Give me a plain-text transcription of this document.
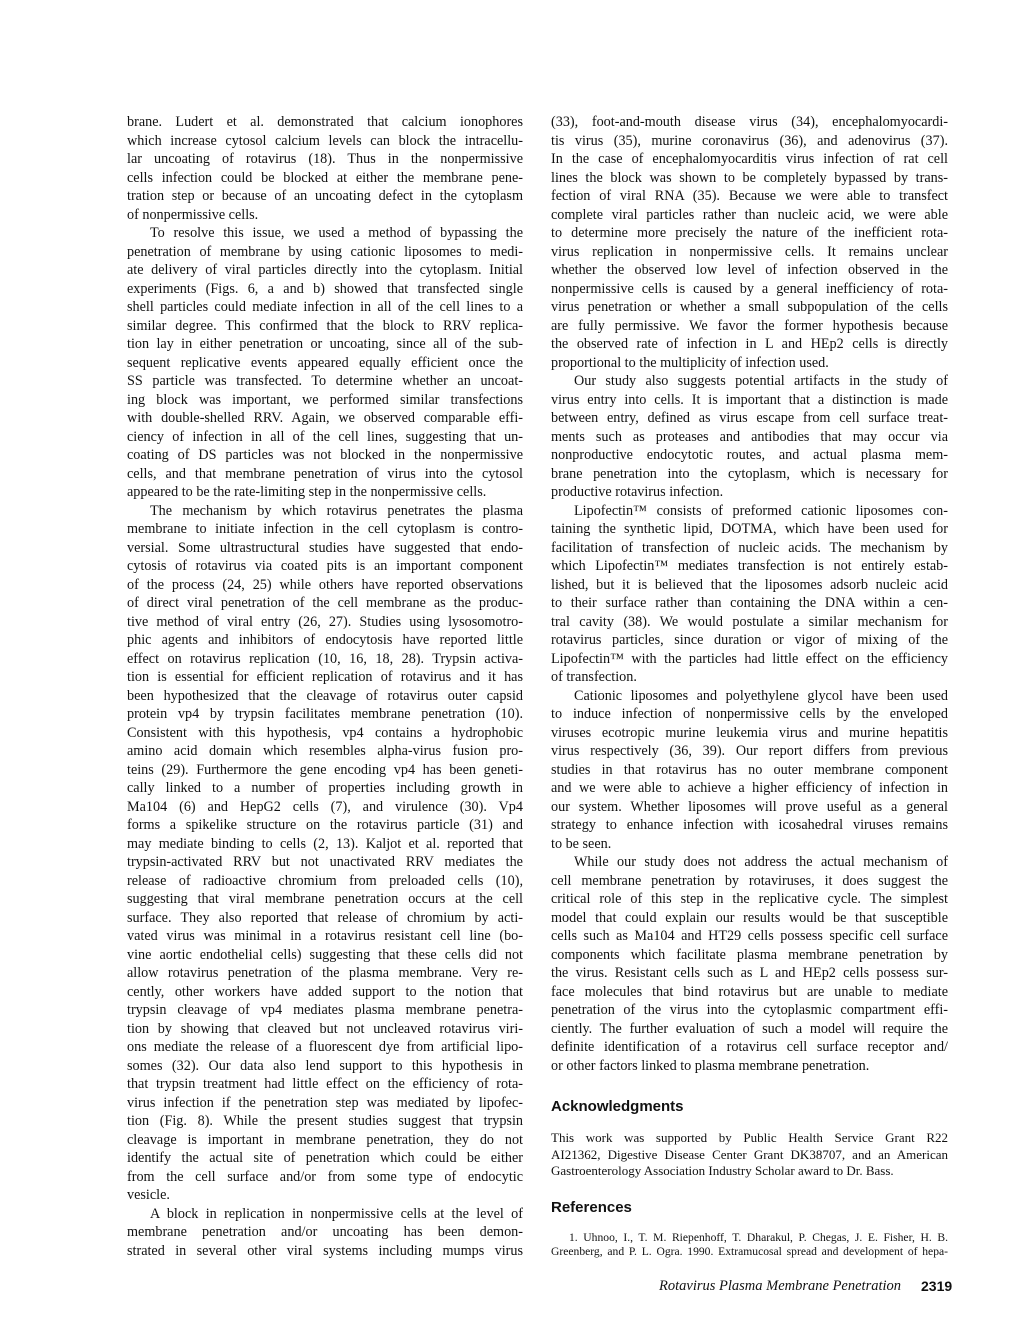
brane. Ludert et al. demonstrated that calcium ionophores
which increase cytosol calcium levels can block the intracellu-
lar uncoating of rotavirus (18). Thus in the nonpermissive
cells infection could be blocked at either the membrane pene-
tration step or because of an uncoating defect in the cytoplasm
of nonpermissive cells.
To resolve this issue, we used a method of bypassing the
penetration of membrane by using cationic liposomes to medi-
ate delivery of viral particles directly into the cytoplasm. Initial
experiments (Figs. 6, a and b) showed that transfected single
shell particles could mediate infection in all of the cell lines to a
similar degree. This confirmed that the block to RRV replica-
tion lay in either penetration or uncoating, since all of the sub-
sequent replicative events appeared equally efficient once the
SS particle was transfected. To determine whether an uncoat-
ing block was important, we performed similar transfections
with double-shelled RRV. Again, we observed comparable effi-
ciency of infection in all of the cell lines, suggesting that un-
coating of DS particles was not blocked in the nonpermissive
cells, and that membrane penetration of virus into the cytosol
appeared to be the rate-limiting step in the nonpermissive cells.
The mechanism by which rotavirus penetrates the plasma
membrane to initiate infection in the cell cytoplasm is contro-
versial. Some ultrastructural studies have suggested that endo-
cytosis of rotavirus via coated pits is an important component
of the process (24, 25) while others have reported observations
of direct viral penetration of the cell membrane as the produc-
tive method of viral entry (26, 27). Studies using lysosomotro-
phic agents and inhibitors of endocytosis have reported little
effect on rotavirus replication (10, 16, 18, 28). Trypsin activa-
tion is essential for efficient replication of rotavirus and it has
been hypothesized that the cleavage of rotavirus outer capsid
protein vp4 by trypsin facilitates membrane penetration (10).
Consistent with this hypothesis, vp4 contains a hydrophobic
amino acid domain which resembles alpha-virus fusion pro-
teins (29). Furthermore the gene encoding vp4 has been geneti-
cally linked to a number of properties including growth in
Ma104 (6) and HepG2 cells (7), and virulence (30). Vp4
forms a spikelike structure on the rotavirus particle (31) and
may mediate binding to cells (2, 13). Kaljot et al. reported that
trypsin-activated RRV but not unactivated RRV mediates the
release of radioactive chromium from preloaded cells (10),
suggesting that viral membrane penetration occurs at the cell
surface. They also reported that release of chromium by acti-
vated virus was minimal in a rotavirus resistant cell line (bo-
vine aortic endothelial cells) suggesting that these cells did not
allow rotavirus penetration of the plasma membrane. Very re-
cently, other workers have added support to the notion that
trypsin cleavage of vp4 mediates plasma membrane penetra-
tion by showing that cleaved but not uncleaved rotavirus viri-
ons mediate the release of a fluorescent dye from artificial lipo-
somes (32). Our data also lend support to this hypothesis in
that trypsin treatment had little effect on the efficiency of rota-
virus infection if the penetration step was mediated by lipofec-
tion (Fig. 8). While the present studies suggest that trypsin
cleavage is important in membrane penetration, they do not
identify the actual site of penetration which could be either
from the cell surface and/or from some type of endocytic
vesicle.
A block in replication in nonpermissive cells at the level of
membrane penetration and/or uncoating has been demon-
strated in several other viral systems including mumps virus
(33), foot-and-mouth disease virus (34), encephalomyocardi-
tis virus (35), murine coronavirus (36), and adenovirus (37).
In the case of encephalomyocarditis virus infection of rat cell
lines the block was shown to be completely bypassed by trans-
fection of viral RNA (35). Because we were able to transfect
complete viral particles rather than nucleic acid, we were able
to determine more precisely the nature of the inefficient rota-
virus replication in nonpermissive cells. It remains unclear
whether the observed low level of infection observed in the
nonpermissive cells is caused by a general inefficiency of rota-
virus penetration or whether a small subpopulation of the cells
are fully permissive. We favor the former hypothesis because
the observed rate of infection in L and HEp2 cells is directly
proportional to the multiplicity of infection used.
Our study also suggests potential artifacts in the study of
virus entry into cells. It is important that a distinction is made
between entry, defined as virus escape from cell surface treat-
ments such as proteases and antibodies that may occur via
nonproductive endocytotic routes, and actual plasma mem-
brane penetration into the cytoplasm, which is necessary for
productive rotavirus infection.
Lipofectin™ consists of preformed cationic liposomes con-
taining the synthetic lipid, DOTMA, which have been used for
facilitation of transfection of nucleic acids. The mechanism by
which Lipofectin™ mediates transfection is not entirely estab-
lished, but it is believed that the liposomes adsorb nucleic acid
to their surface rather than containing the DNA within a cen-
tral cavity (38). We would postulate a similar mechanism for
rotavirus particles, since duration or vigor of mixing of the
Lipofectin™ with the particles had little effect on the efficiency
of transfection.
Cationic liposomes and polyethylene glycol have been used
to induce infection of nonpermissive cells by the enveloped
viruses ecotropic murine leukemia virus and murine hepatitis
virus respectively (36, 39). Our report differs from previous
studies in that rotavirus has no outer membrane component
and we were able to achieve a higher efficiency of infection in
our system. Whether liposomes will prove useful as a general
strategy to enhance infection with icosahedral viruses remains
to be seen.
While our study does not address the actual mechanism of
cell membrane penetration by rotaviruses, it does suggest the
critical role of this step in the replicative cycle. The simplest
model that could explain our results would be that susceptible
cells such as Ma104 and HT29 cells possess specific cell surface
components which facilitate plasma membrane penetration by
the virus. Resistant cells such as L and HEp2 cells possess sur-
face molecules that bind rotavirus but are unable to mediate
penetration of the virus into the cytoplasmic compartment effi-
ciently. The further evaluation of such a model will require the
definite identification of a rotavirus cell surface receptor and/
or other factors linked to plasma membrane penetration.
Acknowledgments
This work was supported by Public Health Service Grant R22
AI21362, Digestive Disease Center Grant DK38707, and an American
Gastroenterology Association Industry Scholar award to Dr. Bass.
References
1. Uhnoo, I., T. M. Riepenhoff, T. Dharakul, P. Chegas, J. E. Fisher, H. B.
Greenberg, and P. L. Ogra. 1990. Extramucosal spread and development of hepa-
Rotavirus Plasma Membrane Penetration 2319
